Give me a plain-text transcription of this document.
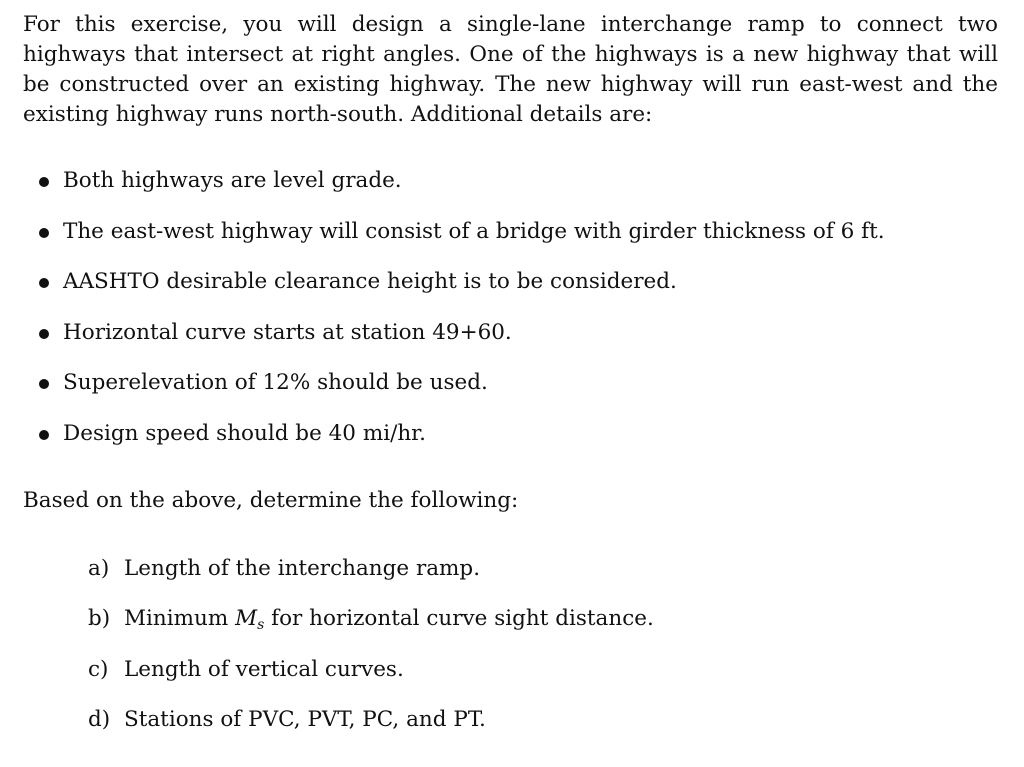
For this exercise, you will design a single-lane interchange ramp to connect two highways that intersect at right angles. One of the highways is a new highway that will be constructed over an existing highway. The new highway will run east-west and the existing highway runs north-south. Additional details are:

Both highways are level grade.
The east-west highway will consist of a bridge with girder thickness of 6 ft.
AASHTO desirable clearance height is to be considered.
Horizontal curve starts at station 49+60.
Superelevation of 12% should be used.
Design speed should be 40 mi/hr.

Based on the above, determine the following:

a) Length of the interchange ramp.
b) Minimum $M_s$ for horizontal curve sight distance.
c) Length of vertical curves.
d) Stations of PVC, PVT, PC, and PT.
